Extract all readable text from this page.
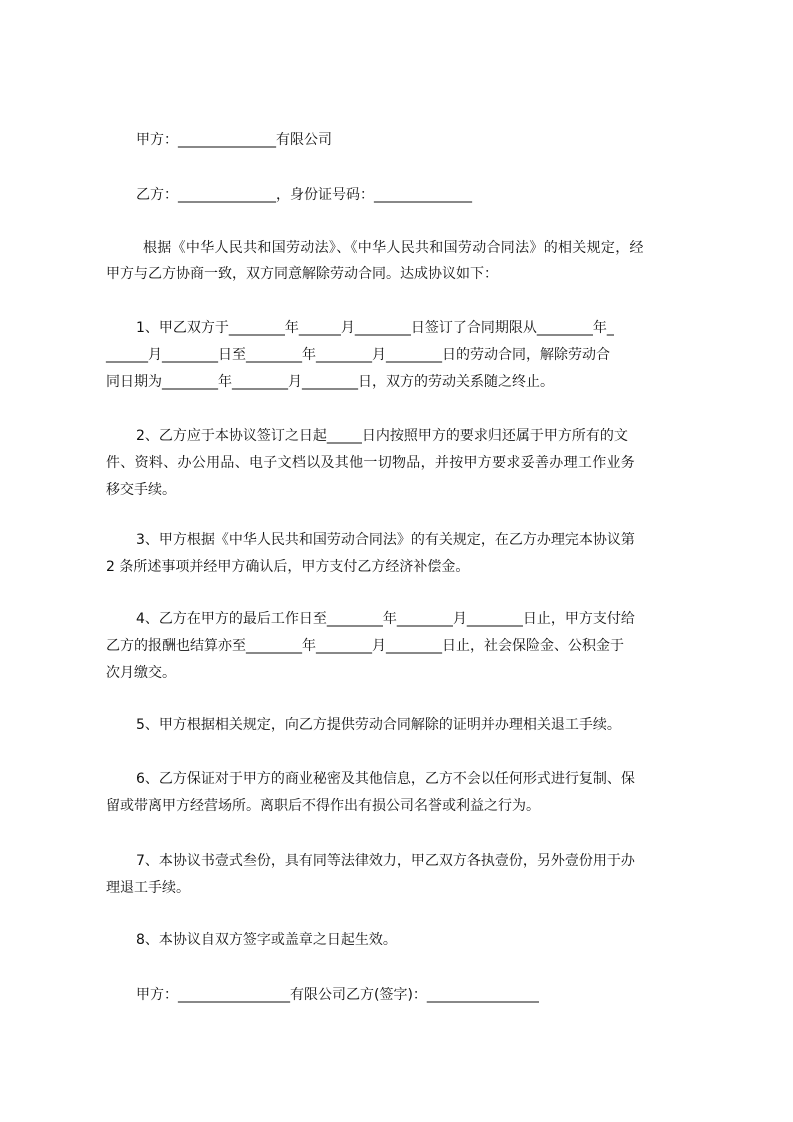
甲方：______________有限公司

乙方：______________，身份证号码：______________

根据《中华人民共和国劳动法》、《中华人民共和国劳动合同法》的相关规定，经

甲方与乙方协商一致，双方同意解除劳动合同。达成协议如下：

1、甲乙双方于________年______月________日签订了合同期限从________年_

______月________日至________年________月________日的劳动合同，解除劳动合

同日期为________年________月________日，双方的劳动关系随之终止。

2、乙方应于本协议签订之日起_____日内按照甲方的要求归还属于甲方所有的文

件、资料、办公用品、电子文档以及其他一切物品，并按甲方要求妥善办理工作业务

移交手续。

3、甲方根据《中华人民共和国劳动合同法》的有关规定，在乙方办理完本协议第

2 条所述事项并经甲方确认后，甲方支付乙方经济补偿金。

4、乙方在甲方的最后工作日至________年________月________日止，甲方支付给

乙方的报酬也结算亦至________年________月________日止，社会保险金、公积金于

次月缴交。

5、甲方根据相关规定，向乙方提供劳动合同解除的证明并办理相关退工手续。

6、乙方保证对于甲方的商业秘密及其他信息，乙方不会以任何形式进行复制、保

留或带离甲方经营场所。离职后不得作出有损公司名誉或利益之行为。

7、本协议书壹式叁份，具有同等法律效力，甲乙双方各执壹份，另外壹份用于办

理退工手续。

8、本协议自双方签字或盖章之日起生效。

甲方：________________有限公司乙方(签字)：________________
